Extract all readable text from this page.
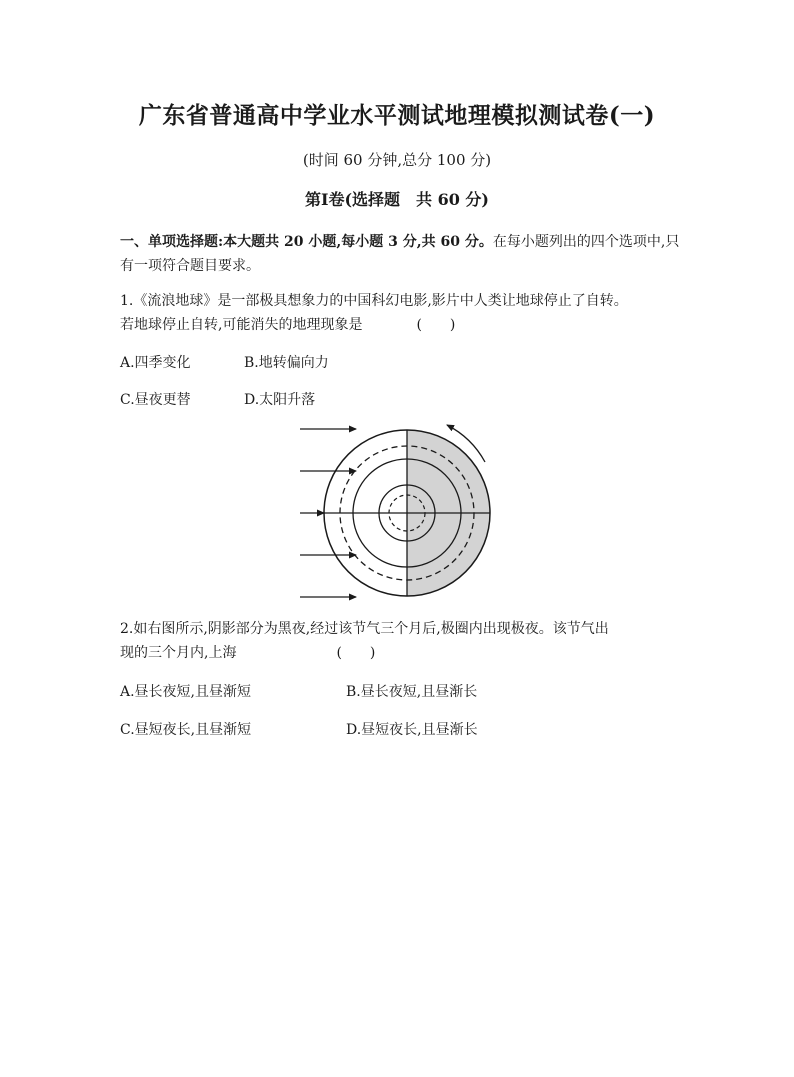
广东省普通高中学业水平测试地理模拟测试卷(一)
(时间 60 分钟,总分 100 分)
第Ⅰ卷(选择题　共 60 分)
一、单项选择题:本大题共 20 小题,每小题 3 分,共 60 分。在每小题列出的四个选项中,只有一项符合题目要求。
1.《流浪地球》是一部极具想象力的中国科幻电影,影片中人类让地球停止了自转。
若地球停止自转,可能消失的地理现象是	(　　)
A.四季变化	B.地转偏向力
C.昼夜更替	D.太阳升落
2.如右图所示,阴影部分为黑夜,经过该节气三个月后,极圈内出现极夜。该节气出
现的三个月内,上海	(　　)
A.昼长夜短,且昼渐短	B.昼长夜短,且昼渐长
C.昼短夜长,且昼渐短	D.昼短夜长,且昼渐长
